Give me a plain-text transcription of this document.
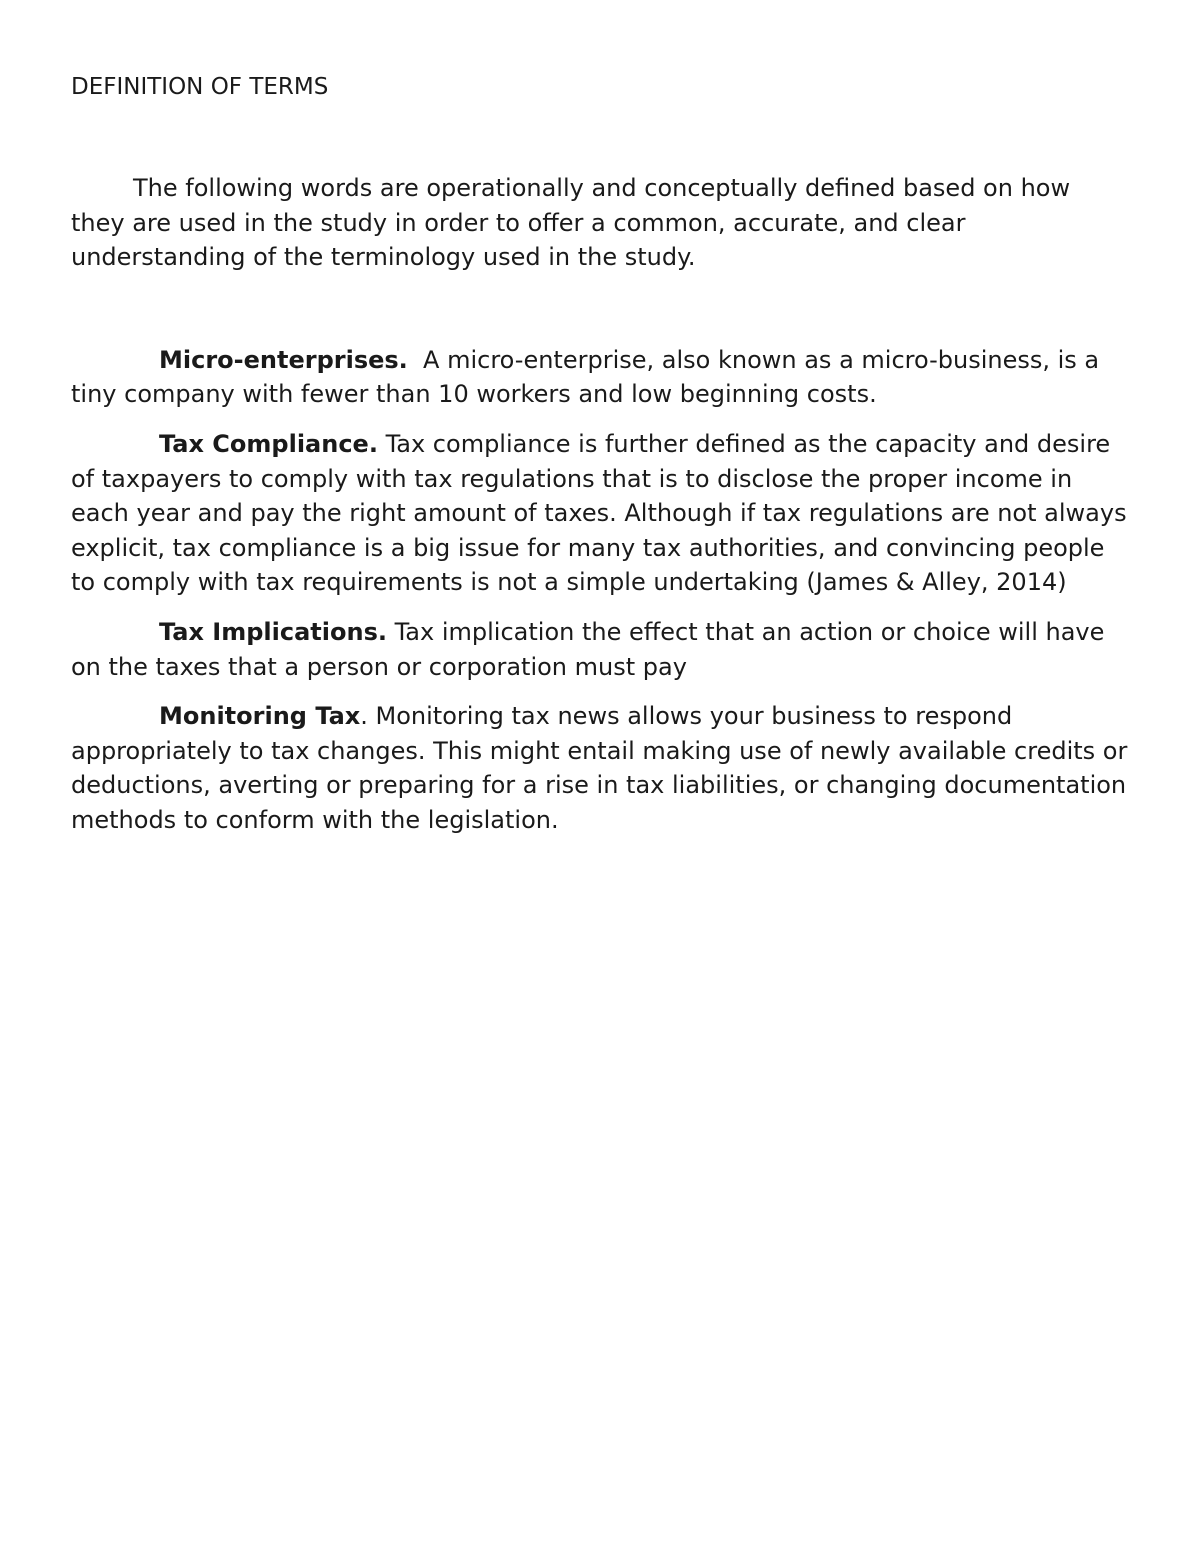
DEFINITION OF TERMS

The following words are operationally and conceptually defined based on how they are used in the study in order to offer a common, accurate, and clear understanding of the terminology used in the study.

Micro-enterprises.  A micro-enterprise, also known as a micro-business, is a tiny company with fewer than 10 workers and low beginning costs.

Tax Compliance. Tax compliance is further defined as the capacity and desire of taxpayers to comply with tax regulations that is to disclose the proper income in each year and pay the right amount of taxes. Although if tax regulations are not always explicit, tax compliance is a big issue for many tax authorities, and convincing people to comply with tax requirements is not a simple undertaking (James & Alley, 2014)

Tax Implications. Tax implication the effect that an action or choice will have on the taxes that a person or corporation must pay

Monitoring Tax. Monitoring tax news allows your business to respond appropriately to tax changes. This might entail making use of newly available credits or deductions, averting or preparing for a rise in tax liabilities, or changing documentation methods to conform with the legislation.
